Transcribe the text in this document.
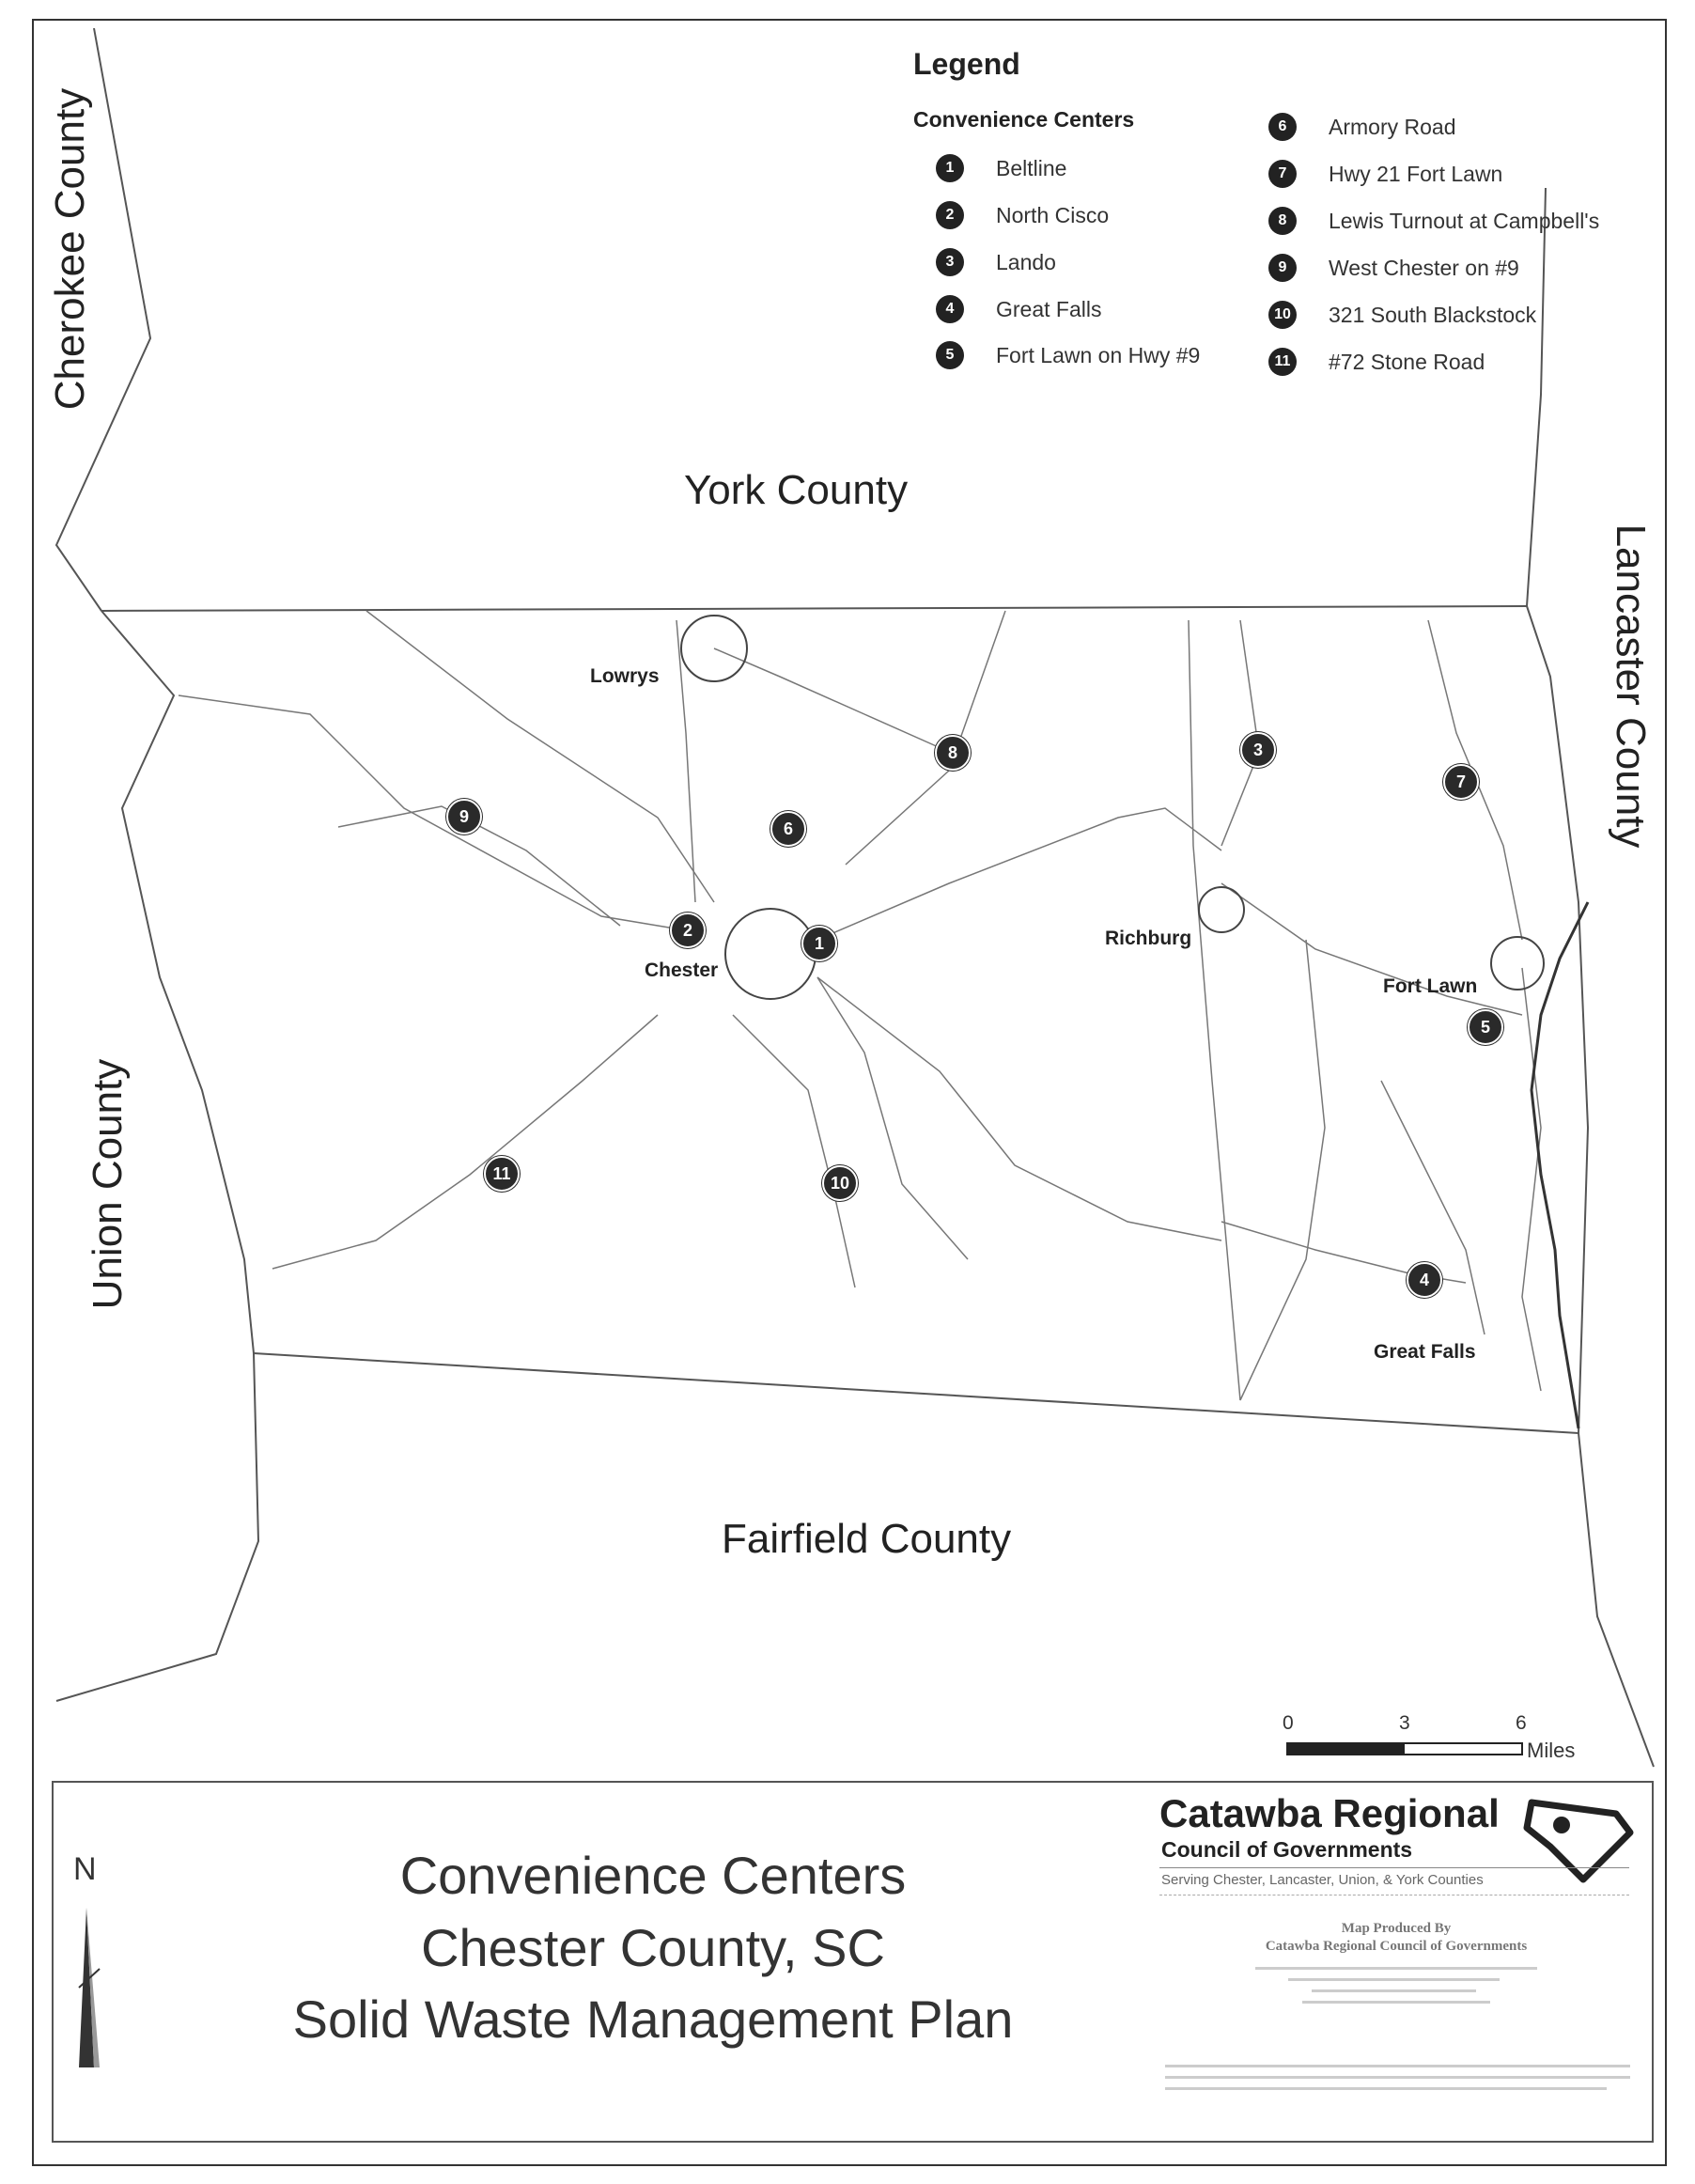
Cherokee County
York County
Lancaster County
Union County
Fairfield County
Lowrys
Chester
Richburg
Fort Lawn
Great Falls
1
2
3
4
5
6
7
8
9
10
11
Legend
Convenience Centers
1	Beltline
2	North Cisco
3	Lando
4	Great Falls
5	Fort Lawn on Hwy #9
6	Armory Road
7	Hwy 21 Fort Lawn
8	Lewis Turnout at Campbell's
9	West Chester on #9
10 321 South Blackstock
11 #72 Stone Road
0	3	6
Miles
N	Convenience Centers
Chester County, SC
Solid Waste Management Plan
Catawba Regional
Council of Governments
Serving Chester, Lancaster, Union, & York Counties
Map Produced By
Catawba Regional Council of Governments
